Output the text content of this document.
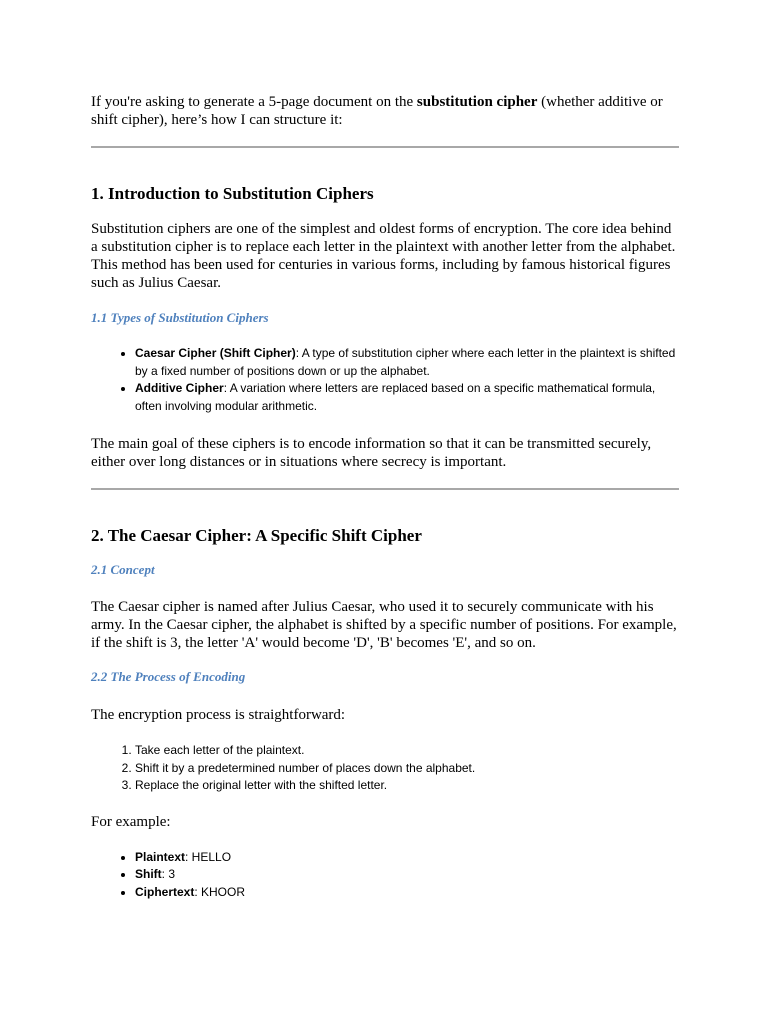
If you're asking to generate a 5-page document on the substitution cipher (whether additive or shift cipher), here’s how I can structure it:

1. Introduction to Substitution Ciphers

Substitution ciphers are one of the simplest and oldest forms of encryption. The core idea behind a substitution cipher is to replace each letter in the plaintext with another letter from the alphabet. This method has been used for centuries in various forms, including by famous historical figures such as Julius Caesar.

1.1 Types of Substitution Ciphers
• Caesar Cipher (Shift Cipher): A type of substitution cipher where each letter in the plaintext is shifted by a fixed number of positions down or up the alphabet.
• Additive Cipher: A variation where letters are replaced based on a specific mathematical formula, often involving modular arithmetic.

The main goal of these ciphers is to encode information so that it can be transmitted securely, either over long distances or in situations where secrecy is important.

2. The Caesar Cipher: A Specific Shift Cipher
2.1 Concept

The Caesar cipher is named after Julius Caesar, who used it to securely communicate with his army. In the Caesar cipher, the alphabet is shifted by a specific number of positions. For example, if the shift is 3, the letter 'A' would become 'D', 'B' becomes 'E', and so on.

2.2 The Process of Encoding

The encryption process is straightforward:

1. Take each letter of the plaintext.
2. Shift it by a predetermined number of places down the alphabet.
3. Replace the original letter with the shifted letter.

For example:

• Plaintext: HELLO
• Shift: 3
• Ciphertext: KHOOR
